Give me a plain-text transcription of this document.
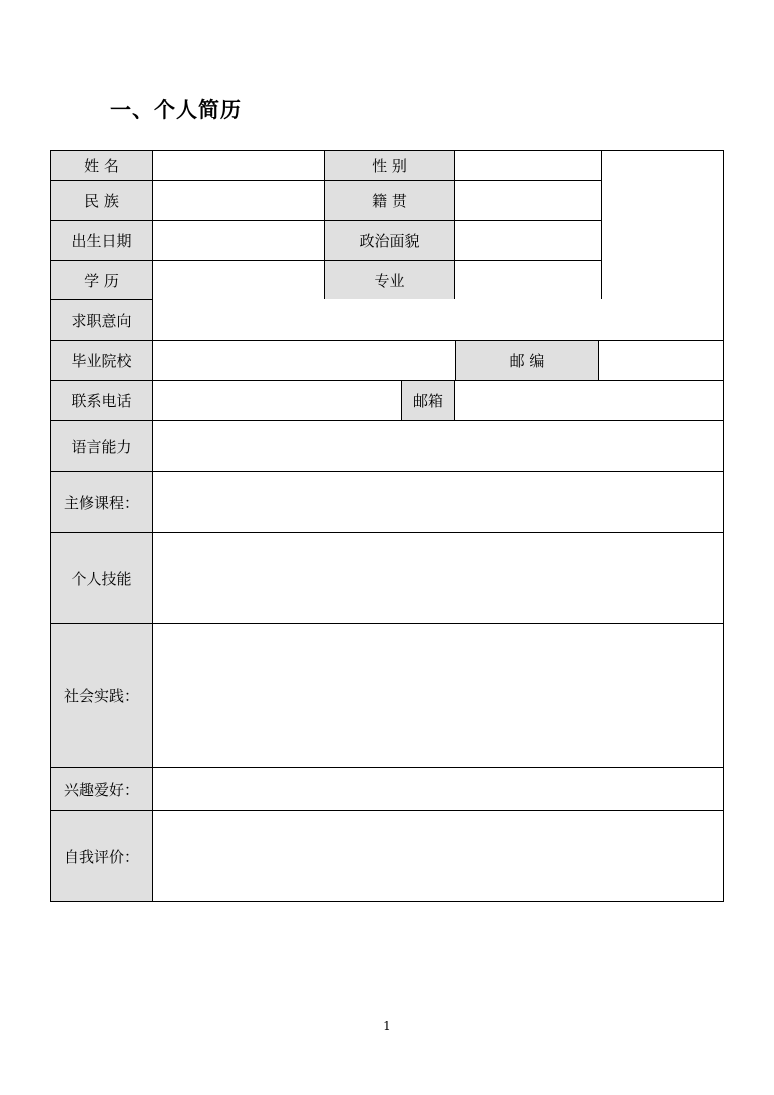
一、个人简历
姓 名	性 别
民 族	籍 贯
出生日期	政治面貌
学 历	专业
求职意向
毕业院校	邮 编
联系电话	邮箱
语言能力
主修课程：
个人技能
社会实践：
兴趣爱好：
自我评价：
1
